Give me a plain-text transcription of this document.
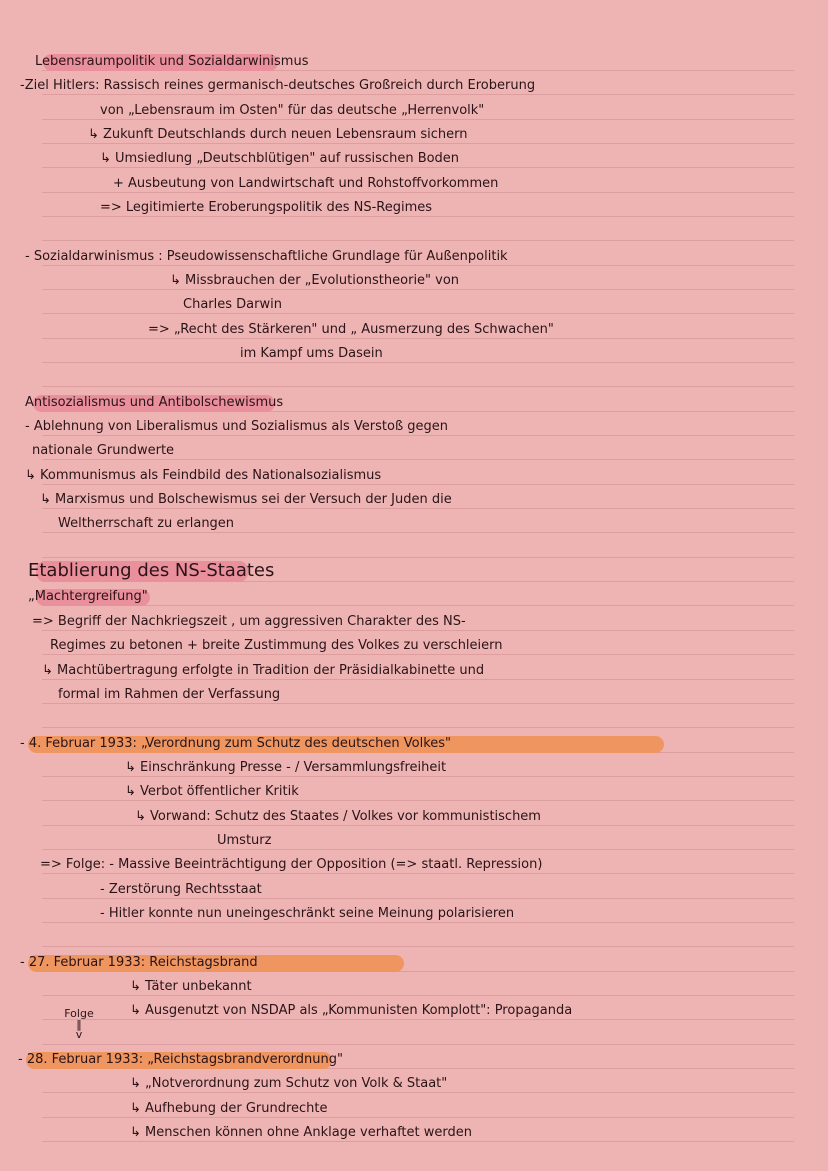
Lebensraumpolitik und Sozialdarwinismus
-Ziel Hitlers: Rassisch reines germanisch-deutsches Großreich durch Eroberung
von „Lebensraum im Osten" für das deutsche „Herrenvolk"
↳ Zukunft Deutschlands durch neuen Lebensraum sichern
↳ Umsiedlung „Deutschblütigen" auf russischen Boden
+ Ausbeutung von Landwirtschaft und Rohstoffvorkommen
=> Legitimierte Eroberungspolitik des NS-Regimes
- Sozialdarwinismus : Pseudowissenschaftliche Grundlage für Außenpolitik
↳ Missbrauchen der „Evolutionstheorie" von
Charles Darwin
=> „Recht des Stärkeren" und „ Ausmerzung des Schwachen"
im Kampf ums Dasein
Antisozialismus und Antibolschewismus
- Ablehnung von Liberalismus und Sozialismus als Verstoß gegen
nationale Grundwerte
↳ Kommunismus als Feindbild des Nationalsozialismus
↳ Marxismus und Bolschewismus sei der Versuch der Juden die
Weltherrschaft zu erlangen
Etablierung des NS-Staates
„Machtergreifung"
=> Begriff der Nachkriegszeit , um aggressiven Charakter des NS-
Regimes zu betonen + breite Zustimmung des Volkes zu verschleiern
↳ Machtübertragung erfolgte in Tradition der Präsidialkabinette und
formal im Rahmen der Verfassung
- 4. Februar 1933: „Verordnung zum Schutz des deutschen Volkes"
↳ Einschränkung Presse - / Versammlungsfreiheit
↳ Verbot öffentlicher Kritik
↳ Vorwand: Schutz des Staates / Volkes vor kommunistischem
Umsturz
=> Folge: - Massive Beeinträchtigung der Opposition (=> staatl. Repression)
- Zerstörung Rechtsstaat
- Hitler konnte nun uneingeschränkt seine Meinung polarisieren
- 27. Februar 1933: Reichstagsbrand
↳ Täter unbekannt
↳ Ausgenutzt von NSDAP als „Kommunisten Komplott": Propaganda
- 28. Februar 1933: „Reichstagsbrandverordnung"
↳ „Notverordnung zum Schutz von Volk & Staat"
↳ Aufhebung der Grundrechte
↳ Menschen können ohne Anklage verhaftet werden
Folge
‖
v
